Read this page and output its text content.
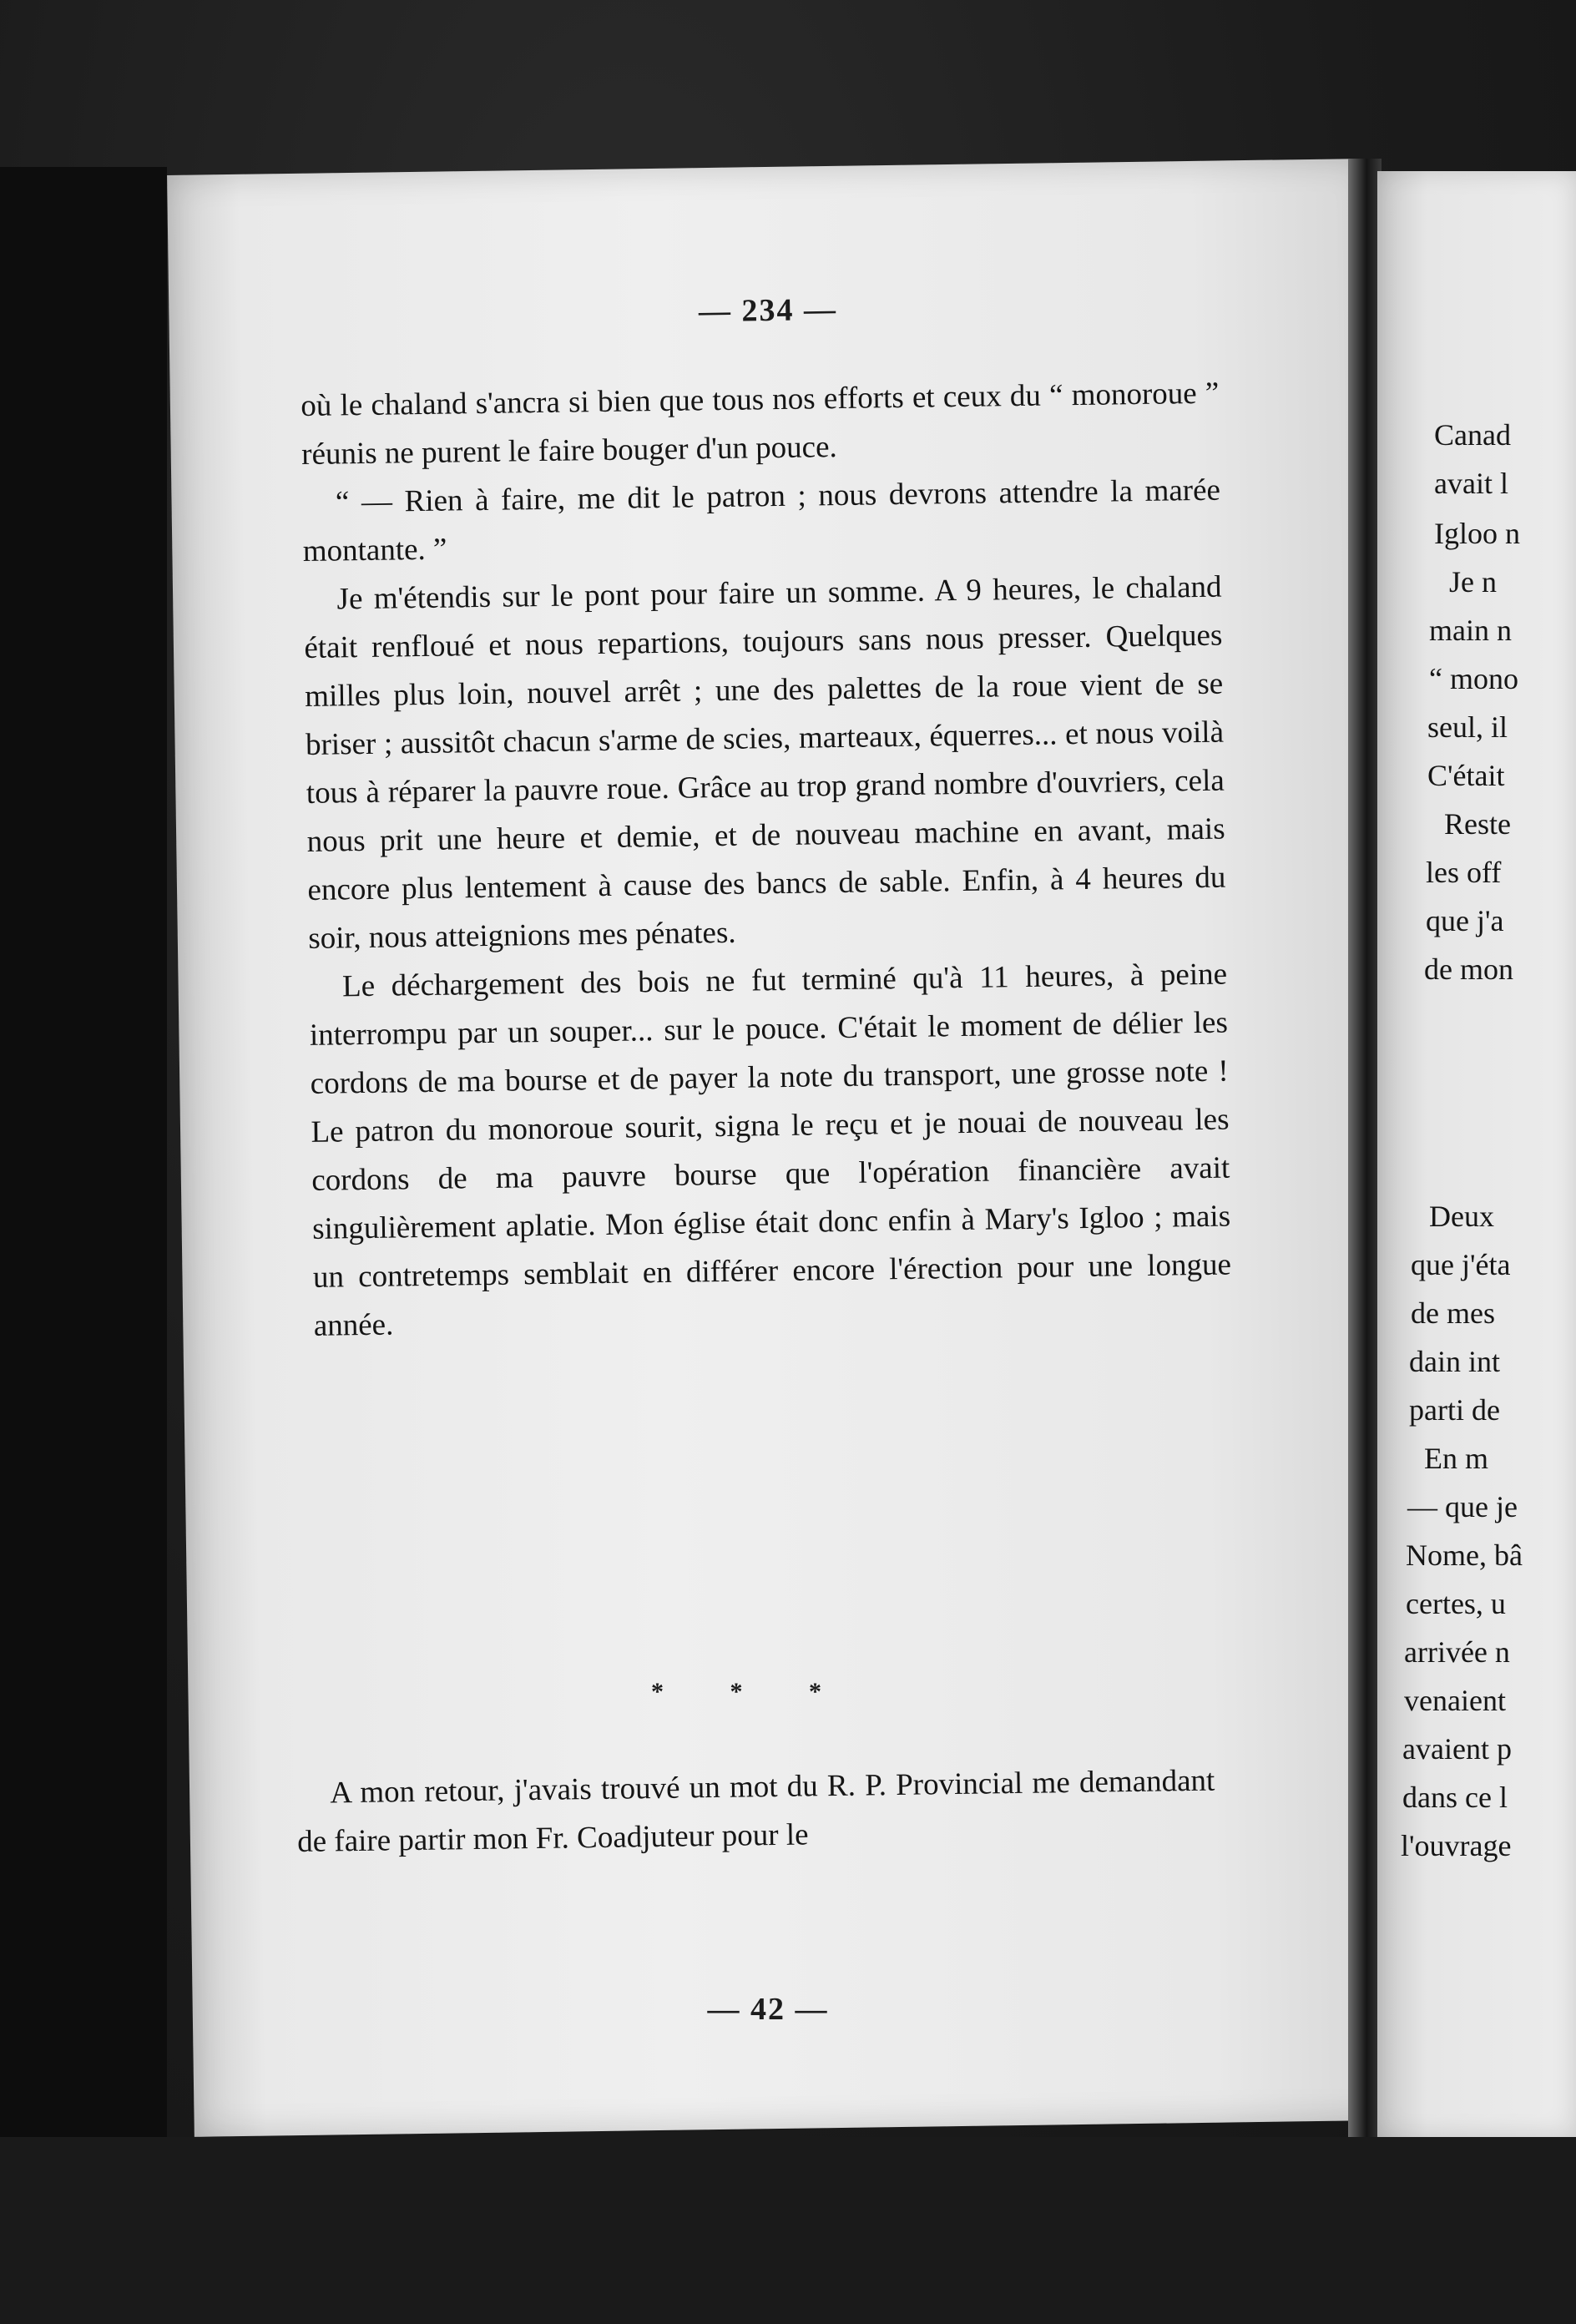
— 234 —

où le chaland s'ancra si bien que tous nos efforts et ceux du “ monoroue ” réunis ne purent le faire bouger d'un pouce.

“ — Rien à faire, me dit le patron ; nous devrons attendre la marée montante. ”

Je m'étendis sur le pont pour faire un somme. A 9 heures, le chaland était renfloué et nous repartions, toujours sans nous presser. Quelques milles plus loin, nouvel arrêt ; une des palettes de la roue vient de se briser ; aussitôt chacun s'arme de scies, marteaux, équerres... et nous voilà tous à réparer la pauvre roue. Grâce au trop grand nombre d'ouvriers, cela nous prit une heure et demie, et de nouveau machine en avant, mais encore plus lentement à cause des bancs de sable. Enfin, à 4 heures du soir, nous atteignions mes pénates.

Le déchargement des bois ne fut terminé qu'à 11 heures, à peine interrompu par un souper... sur le pouce. C'était le moment de délier les cordons de ma bourse et de payer la note du transport, une grosse note ! Le patron du monoroue sourit, signa le reçu et je nouai de nouveau les cordons de ma pauvre bourse que l'opération financière avait singulièrement aplatie. Mon église était donc enfin à Mary's Igloo ; mais un contretemps semblait en différer encore l'érection pour une longue année.

* * *

A mon retour, j'avais trouvé un mot du R. P. Provincial me demandant de faire partir mon Fr. Coadjuteur pour le

— 42 —
Canad
avait l
Igloo n
Je n
main n
“ mono
seul, il
C'était
Reste
les off
que j'a
de mon
Deux
que j'éta
de mes
dain int
parti de
En m
— que je
Nome, bâ
certes, u
arrivée n
venaient
avaient p
dans ce l
l'ouvrage
